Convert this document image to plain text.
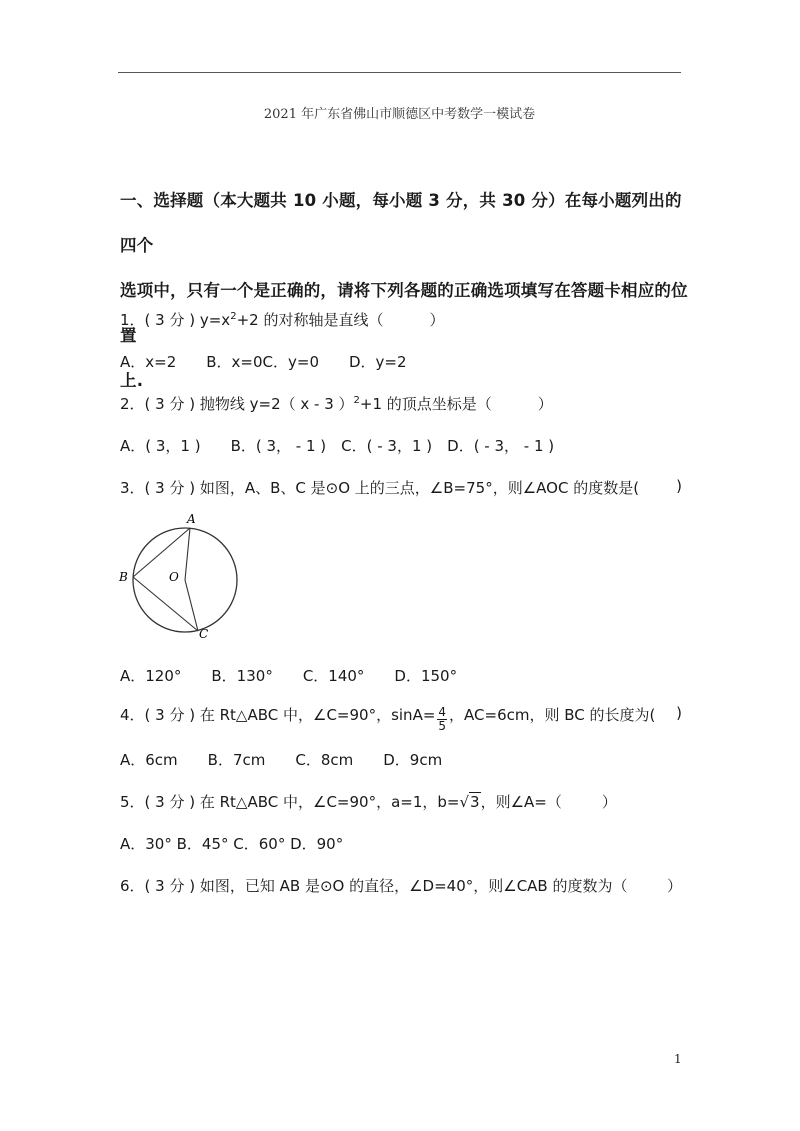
2021 年广东省佛山市顺德区中考数学一模试卷
一、选择题（本大题共 10 小题，每小题 3 分，共 30 分）在每小题列出的四个
选项中，只有一个是正确的，请将下列各题的正确选项填写在答题卡相应的位置
上.
1．( 3 分 ) $y=x^2+2$ 的对称轴是直线（	）
A．x=2　　B．x=0C．y=0　　D．y=2
2．( 3 分 ) 抛物线 y=2（ x - 3 ）$^2$+1 的顶点坐标是（	）
A．( 3，1 )　　B．( 3， - 1 )　C．( - 3，1 )　D．( - 3， - 1 )
3．( 3 分 ) 如图，A、B、C 是⊙O 上的三点，∠B=75°，则∠AOC 的度数是( )
A
B
C
O
A．120°　　B．130°　　C．140°　　D．150°
4．( 3 分 ) 在 Rt△ABC 中，∠C=90°，$\sin A= \frac{4}{5}$ ，AC=6cm，则 BC 的长度为( )
A．6cm　　B．7cm　　C．8cm　　D．9cm
5．( 3 分 ) 在 Rt△ABC 中，∠C=90°，a=1，b=√3，则∠A=（	）
A．30° B．45° C．60° D．90°
6．( 3 分 ) 如图，已知 AB 是⊙O 的直径，∠D=40°，则∠CAB 的度数为（	）
1
